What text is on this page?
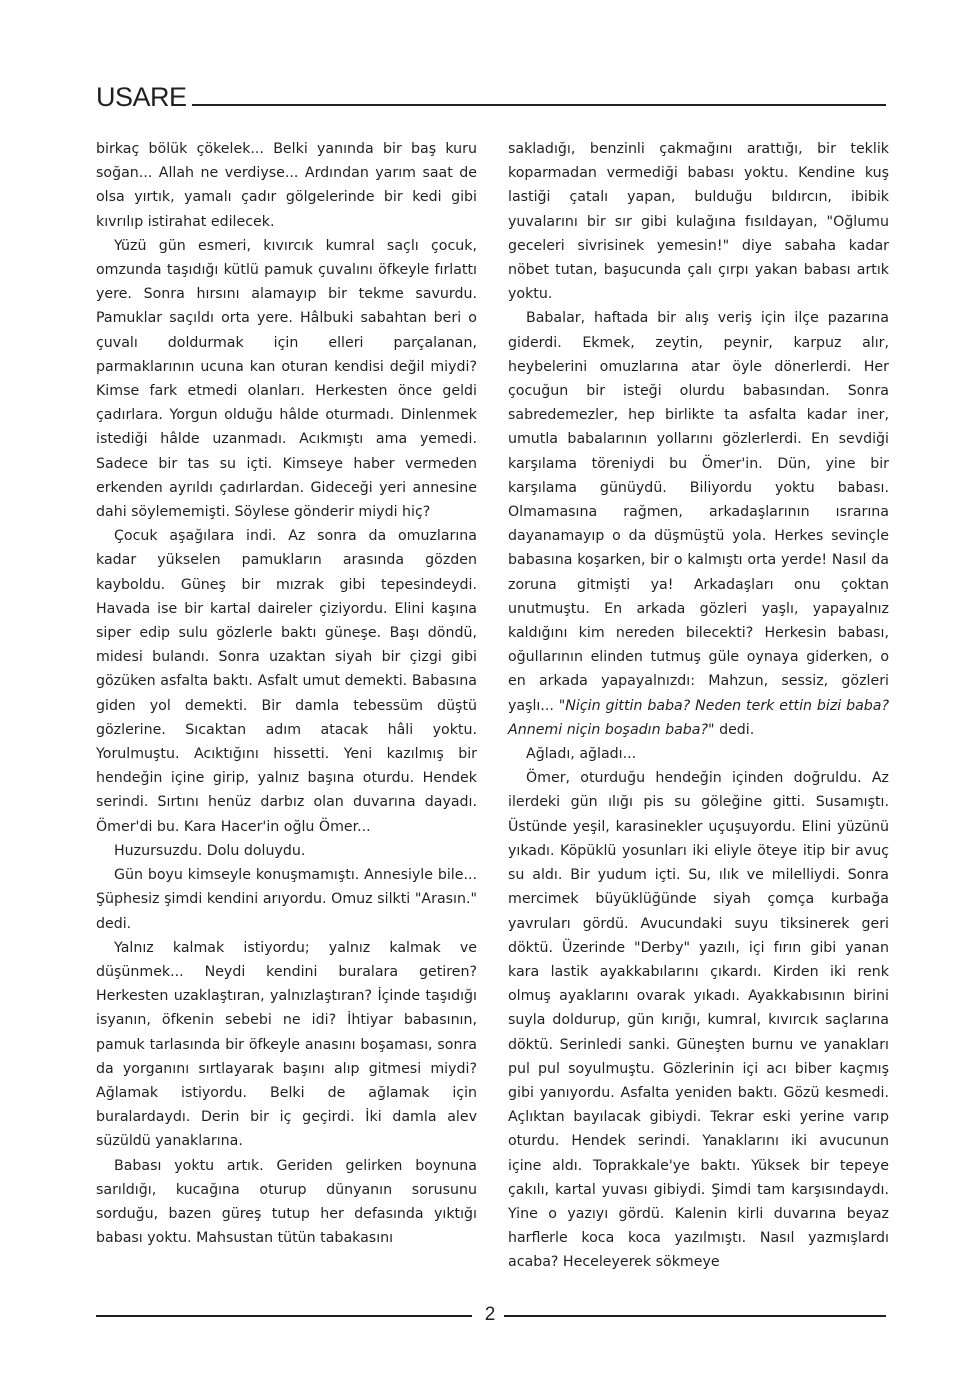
USARE

birkaç bölük çökelek... Belki yanında bir baş kuru soğan... Allah ne verdiyse... Ardından yarım saat de olsa yırtık, yamalı çadır gölgelerinde bir kedi gibi kıvrılıp istirahat edilecek.

Yüzü gün esmeri, kıvırcık kumral saçlı çocuk, omzunda taşıdığı kütlü pamuk çuvalını öfkeyle fırlattı yere. Sonra hırsını alamayıp bir tekme savurdu. Pamuklar saçıldı orta yere. Hâlbuki sabahtan beri o çuvalı doldurmak için elleri parçalanan, parmaklarının ucuna kan oturan kendisi değil miydi? Kimse fark etmedi olanları. Herkesten önce geldi çadırlara. Yorgun olduğu hâlde oturmadı. Dinlenmek istediği hâlde uzanmadı. Acıkmıştı ama yemedi. Sadece bir tas su içti. Kimseye haber vermeden erkenden ayrıldı çadırlardan. Gideceği yeri annesine dahi söylememişti. Söylese gönderir miydi hiç?

Çocuk aşağılara indi. Az sonra da omuzlarına kadar yükselen pamukların arasında gözden kayboldu. Güneş bir mızrak gibi tepesindeydi. Havada ise bir kartal daireler çiziyordu. Elini kaşına siper edip sulu gözlerle baktı güneşe. Başı döndü, midesi bulandı. Sonra uzaktan siyah bir çizgi gibi gözüken asfalta baktı. Asfalt umut demekti. Babasına giden yol demekti. Bir damla tebessüm düştü gözlerine. Sıcaktan adım atacak hâli yoktu. Yorulmuştu. Acıktığını hissetti. Yeni kazılmış bir hendeğin içine girip, yalnız başına oturdu. Hendek serindi. Sırtını henüz darbız olan duvarına dayadı. Ömer'di bu. Kara Hacer'in oğlu Ömer...

Huzursuzdu. Dolu doluydu.

Gün boyu kimseyle konuşmamıştı. Annesiyle bile... Şüphesiz şimdi kendini arıyordu. Omuz silkti "Arasın." dedi.

Yalnız kalmak istiyordu; yalnız kalmak ve düşünmek... Neydi kendini buralara getiren? Herkesten uzaklaştıran, yalnızlaştıran? İçinde taşıdığı isyanın, öfkenin sebebi ne idi? İhtiyar babasının, pamuk tarlasında bir öfkeyle anasını boşaması, sonra da yorganını sırtlayarak başını alıp gitmesi miydi? Ağlamak istiyordu. Belki de ağlamak için buralardaydı. Derin bir iç geçirdi. İki damla alev süzüldü yanaklarına.

Babası yoktu artık. Geriden gelirken boynuna sarıldığı, kucağına oturup dünyanın sorusunu sorduğu, bazen güreş tutup her defasında yıktığı babası yoktu. Mahsustan tütün tabakasını

sakladığı, benzinli çakmağını arattığı, bir teklik koparmadan vermediği babası yoktu. Kendine kuş lastiği çatalı yapan, bulduğu bıldırcın, ibibik yuvalarını bir sır gibi kulağına fısıldayan, "Oğlumu geceleri sivrisinek yemesin!" diye sabaha kadar nöbet tutan, başucunda çalı çırpı yakan babası artık yoktu.

Babalar, haftada bir alış veriş için ilçe pazarına giderdi. Ekmek, zeytin, peynir, karpuz alır, heybelerini omuzlarına atar öyle dönerlerdi. Her çocuğun bir isteği olurdu babasından. Sonra sabredemezler, hep birlikte ta asfalta kadar iner, umutla babalarının yollarını gözlerlerdi. En sevdiği karşılama töreniydi bu Ömer'in. Dün, yine bir karşılama günüydü. Biliyordu yoktu babası. Olmamasına rağmen, arkadaşlarının ısrarına dayanamayıp o da düşmüştü yola. Herkes sevinçle babasına koşarken, bir o kalmıştı orta yerde! Nasıl da zoruna gitmişti ya! Arkadaşları onu çoktan unutmuştu. En arkada gözleri yaşlı, yapayalnız kaldığını kim nereden bilecekti? Herkesin babası, oğullarının elinden tutmuş güle oynaya giderken, o en arkada yapayalnızdı: Mahzun, sessiz, gözleri yaşlı... "Niçin gittin baba? Neden terk ettin bizi baba? Annemi niçin boşadın baba?" dedi.

Ağladı, ağladı...

Ömer, oturduğu hendeğin içinden doğruldu. Az ilerdeki gün ılığı pis su göleğine gitti. Susamıştı. Üstünde yeşil, karasinekler uçuşuyordu. Elini yüzünü yıkadı. Köpüklü yosunları iki eliyle öteye itip bir avuç su aldı. Bir yudum içti. Su, ılık ve milelliydi. Sonra mercimek büyüklüğünde siyah çomça kurbağa yavruları gördü. Avucundaki suyu tiksinerek geri döktü. Üzerinde "Derby" yazılı, içi fırın gibi yanan kara lastik ayakkabılarını çıkardı. Kirden iki renk olmuş ayaklarını ovarak yıkadı. Ayakkabısının birini suyla doldurup, gün kırığı, kumral, kıvırcık saçlarına döktü. Serinledi sanki. Güneşten burnu ve yanakları pul pul soyulmuştu. Gözlerinin içi acı biber kaçmış gibi yanıyordu. Asfalta yeniden baktı. Gözü kesmedi. Açlıktan bayılacak gibiydi. Tekrar eski yerine varıp oturdu. Hendek serindi. Yanaklarını iki avucunun içine aldı. Toprakkale'ye baktı. Yüksek bir tepeye çakılı, kartal yuvası gibiydi. Şimdi tam karşısındaydı. Yine o yazıyı gördü. Kalenin kirli duvarına beyaz harflerle koca koca yazılmıştı. Nasıl yazmışlardı acaba? Heceleyerek sökmeye

2
